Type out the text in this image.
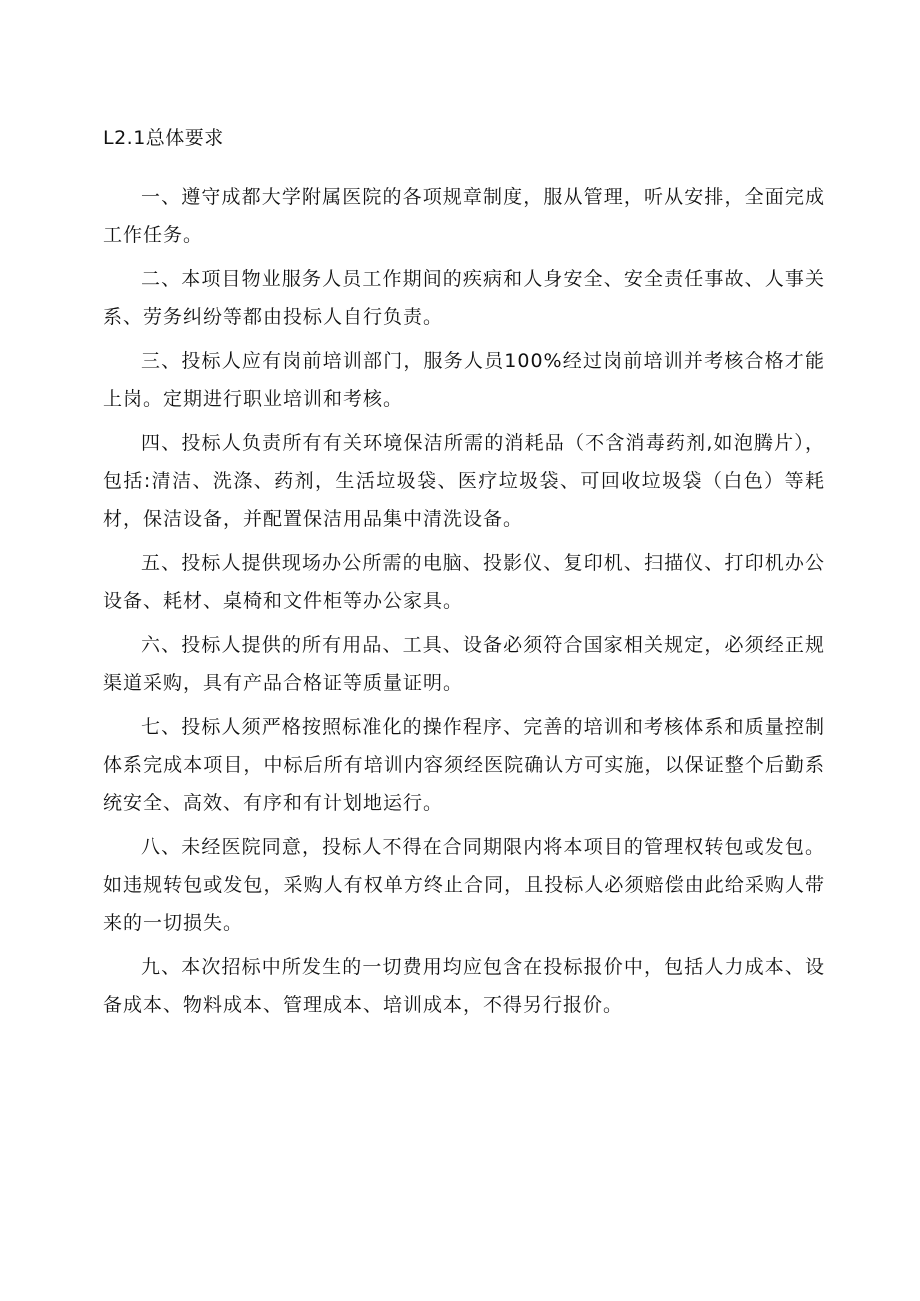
L2.1总体要求

一、遵守成都大学附属医院的各项规章制度，服从管理，听从安排，全面完成工作任务。

二、本项目物业服务人员工作期间的疾病和人身安全、安全责任事故、人事关系、劳务纠纷等都由投标人自行负责。

三、投标人应有岗前培训部门，服务人员100%经过岗前培训并考核合格才能上岗。定期进行职业培训和考核。

四、投标人负责所有有关环境保洁所需的消耗品（不含消毒药剂,如泡腾片），包括:清洁、洗涤、药剂，生活垃圾袋、医疗垃圾袋、可回收垃圾袋（白色）等耗材，保洁设备，并配置保洁用品集中清洗设备。

五、投标人提供现场办公所需的电脑、投影仪、复印机、扫描仪、打印机办公设备、耗材、桌椅和文件柜等办公家具。

六、投标人提供的所有用品、工具、设备必须符合国家相关规定，必须经正规渠道采购，具有产品合格证等质量证明。

七、投标人须严格按照标准化的操作程序、完善的培训和考核体系和质量控制体系完成本项目，中标后所有培训内容须经医院确认方可实施，以保证整个后勤系统安全、高效、有序和有计划地运行。

八、未经医院同意，投标人不得在合同期限内将本项目的管理权转包或发包。如违规转包或发包，采购人有权单方终止合同，且投标人必须赔偿由此给采购人带来的一切损失。

九、本次招标中所发生的一切费用均应包含在投标报价中，包括人力成本、设备成本、物料成本、管理成本、培训成本，不得另行报价。
